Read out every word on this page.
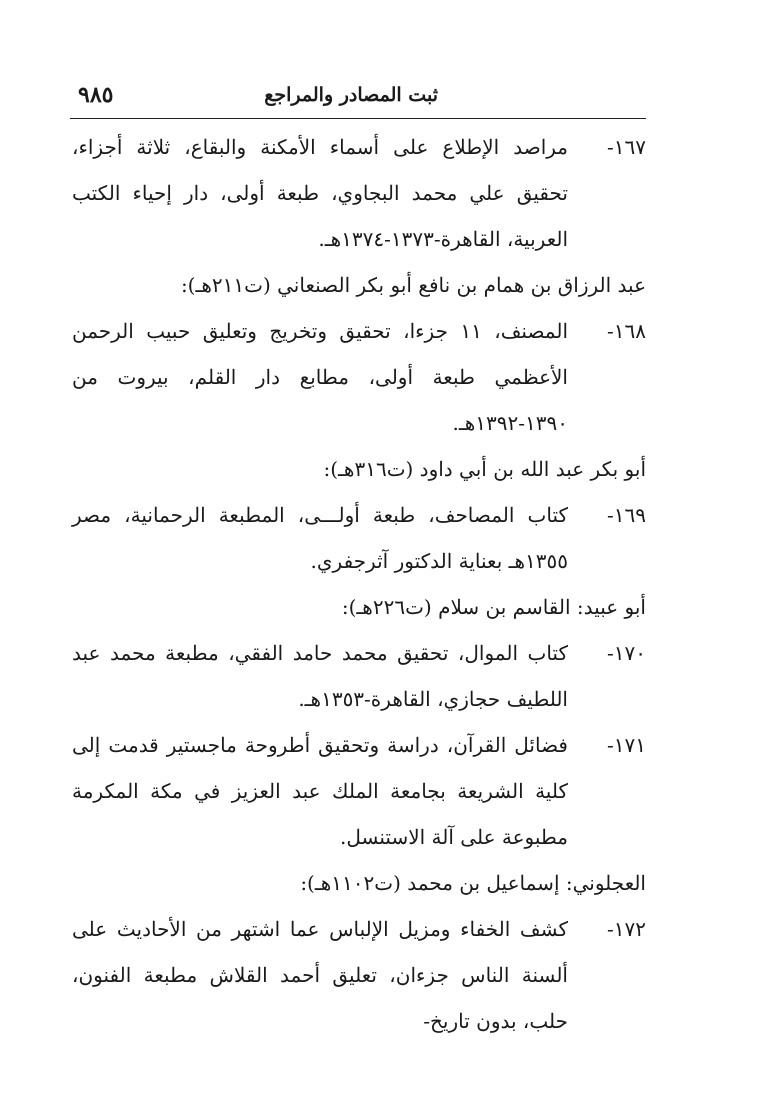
ثبت المصادر والمراجع
٩٨٥
١٦٧-
مراصد الإطلاع على أسماء الأمكنة والبقاع، ثلاثة أجزاء، تحقيق علي محمد البجاوي، طبعة أولى، دار إحياء الكتب العربية، القاهرة-١٣٧٣-١٣٧٤هـ.
عبد الرزاق بن همام بن نافع أبو بكر الصنعاني (ت٢١١هـ):
١٦٨-
المصنف، ١١ جزءا، تحقيق وتخريج وتعليق حبيب الرحمن الأعظمي طبعة أولى، مطابع دار القلم، بيروت من ١٣٩٠-١٣٩٢هـ.
أبو بكر عبد الله بن أبي داود (ت٣١٦هـ):
١٦٩-
كتاب المصاحف، طبعة أولـــى، المطبعة الرحمانية، مصر ١٣٥٥هـ بعناية الدكتور آثرجفري.
أبو عبيد: القاسم بن سلام (ت٢٢٦هـ):
١٧٠-
كتاب الموال، تحقيق محمد حامد الفقي، مطبعة محمد عبد اللطيف حجازي، القاهرة-١٣٥٣هـ.
١٧١-
فضائل القرآن، دراسة وتحقيق أطروحة ماجستير قدمت إلى كلية الشريعة بجامعة الملك عبد العزيز في مكة المكرمة مطبوعة على آلة الاستنسل.
العجلوني: إسماعيل بن محمد (ت١١٠٢هـ):
١٧٢-
كشف الخفاء ومزيل الإلباس عما اشتهر من الأحاديث على ألسنة الناس جزءان، تعليق أحمد القلاش مطبعة الفنون، حلب، بدون تاريخ-
